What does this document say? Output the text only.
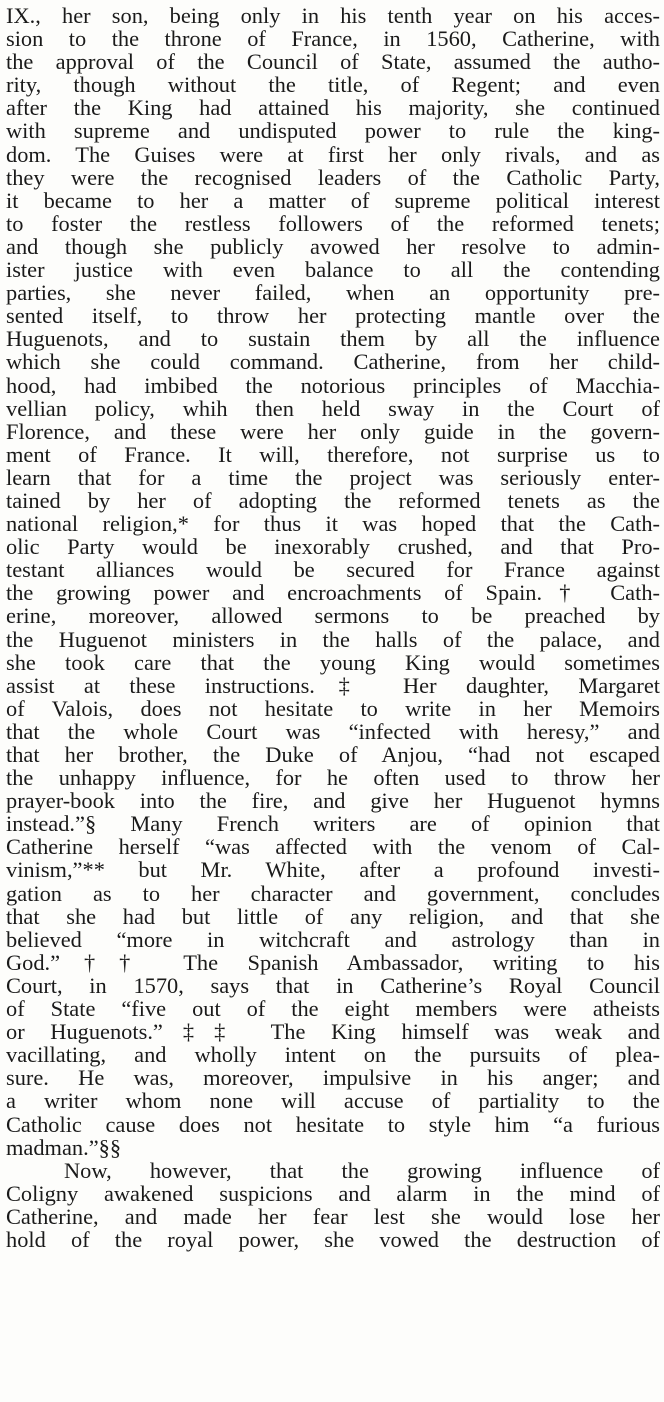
IX., her son, being only in his tenth year on his acces-
sion to the throne of France, in 1560, Catherine, with
the approval of the Council of State, assumed the autho-
rity, though without the title, of Regent; and even
after the King had attained his majority, she continued
with supreme and undisputed power to rule the king-
dom. The Guises were at first her only rivals, and as
they were the recognised leaders of the Catholic Party,
it became to her a matter of supreme political interest
to foster the restless followers of the reformed tenets;
and though she publicly avowed her resolve to admin-
ister justice with even balance to all the contending
parties, she never failed, when an opportunity pre-
sented itself, to throw her protecting mantle over the
Huguenots, and to sustain them by all the influence
which she could command. Catherine, from her child-
hood, had imbibed the notorious principles of Macchia-
vellian policy, whih then held sway in the Court of
Florence, and these were her only guide in the govern-
ment of France. It will, therefore, not surprise us to
learn that for a time the project was seriously enter-
tained by her of adopting the reformed tenets as the
national religion,* for thus it was hoped that the Cath-
olic Party would be inexorably crushed, and that Pro-
testant alliances would be secured for France against
the growing power and encroachments of Spain.† Cath-
erine, moreover, allowed sermons to be preached by
the Huguenot ministers in the halls of the palace, and
she took care that the young King would sometimes
assist at these instructions.‡ Her daughter, Margaret
of Valois, does not hesitate to write in her Memoirs
that the whole Court was “infected with heresy,” and
that her brother, the Duke of Anjou, “had not escaped
the unhappy influence, for he often used to throw her
prayer-book into the fire, and give her Huguenot hymns
instead.”§ Many French writers are of opinion that
Catherine herself “was affected with the venom of Cal-
vinism,”** but Mr. White, after a profound investi-
gation as to her character and government, concludes
that she had but little of any religion, and that she
believed “more in witchcraft and astrology than in
God.”†† The Spanish Ambassador, writing to his
Court, in 1570, says that in Catherine’s Royal Council
of State “five out of the eight members were atheists
or Huguenots.”‡‡ The King himself was weak and
vacillating, and wholly intent on the pursuits of plea-
sure. He was, moreover, impulsive in his anger; and
a writer whom none will accuse of partiality to the
Catholic cause does not hesitate to style him “a furious
madman.”§§
Now, however, that the growing influence of
Coligny awakened suspicions and alarm in the mind of
Catherine, and made her fear lest she would lose her
hold of the royal power, she vowed the destruction of
